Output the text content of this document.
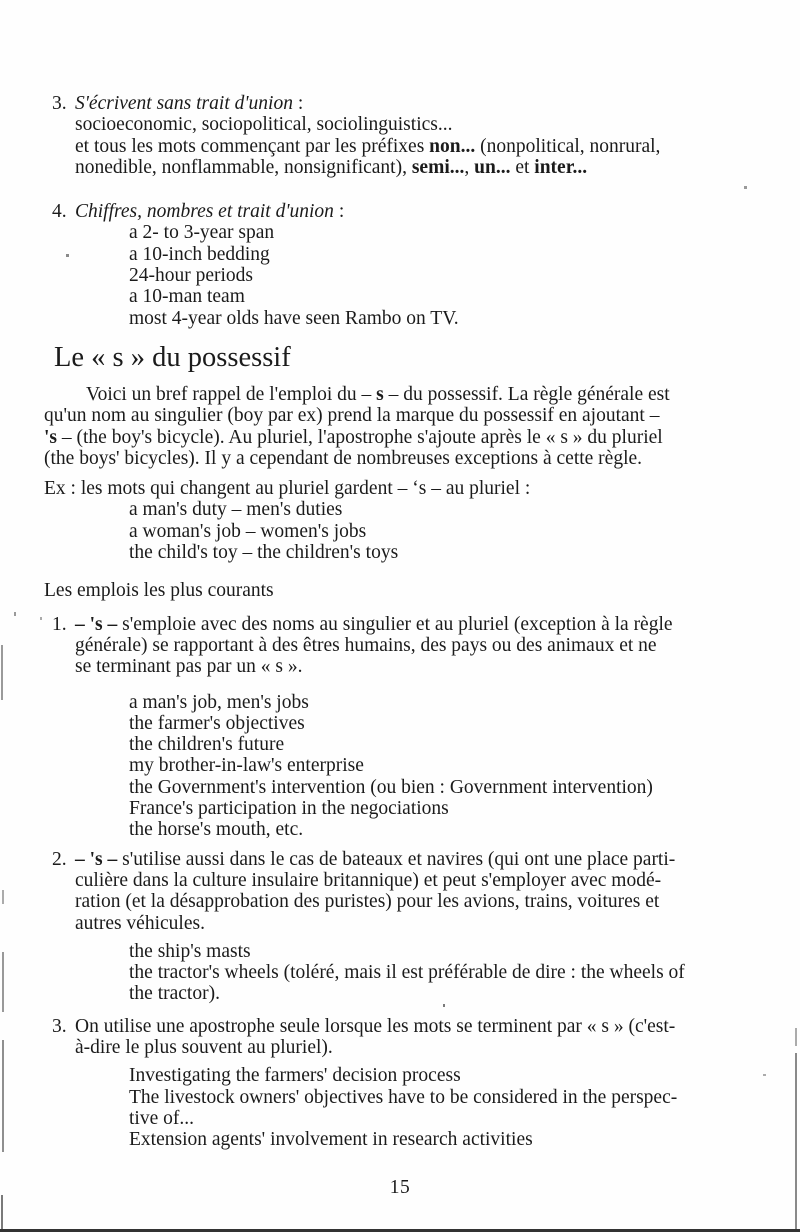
3. S'écrivent sans trait d'union :
socioeconomic, sociopolitical, sociolinguistics...
et tous les mots commençant par les préfixes non... (nonpolitical, nonrural,
nonedible, nonflammable, nonsignificant), semi..., un... et inter...
4. Chiffres, nombres et trait d'union :
a 2- to 3-year span
a 10-inch bedding
24-hour periods
a 10-man team
most 4-year olds have seen Rambo on TV.
Le « s » du possessif
Voici un bref rappel de l'emploi du – s – du possessif. La règle générale est
qu'un nom au singulier (boy par ex) prend la marque du possessif en ajoutant –
's – (the boy's bicycle). Au pluriel, l'apostrophe s'ajoute après le « s » du pluriel
(the boys' bicycles). Il y a cependant de nombreuses exceptions à cette règle.
Ex : les mots qui changent au pluriel gardent – ‘s – au pluriel :
a man's duty – men's duties
a woman's job – women's jobs
the child's toy – the children's toys
Les emplois les plus courants
1. – 's – s'emploie avec des noms au singulier et au pluriel (exception à la règle
générale) se rapportant à des êtres humains, des pays ou des animaux et ne
se terminant pas par un « s ».
a man's job, men's jobs
the farmer's objectives
the children's future
my brother-in-law's enterprise
the Government's intervention (ou bien : Government intervention)
France's participation in the negociations
the horse's mouth, etc.
2. – 's – s'utilise aussi dans le cas de bateaux et navires (qui ont une place parti-
culière dans la culture insulaire britannique) et peut s'employer avec modé-
ration (et la désapprobation des puristes) pour les avions, trains, voitures et
autres véhicules.
the ship's masts
the tractor's wheels (toléré, mais il est préférable de dire : the wheels of
the tractor).
3. On utilise une apostrophe seule lorsque les mots se terminent par « s » (c'est-
à-dire le plus souvent au pluriel).
Investigating the farmers' decision process
The livestock owners' objectives have to be considered in the perspec-
tive of...
Extension agents' involvement in research activities
15
